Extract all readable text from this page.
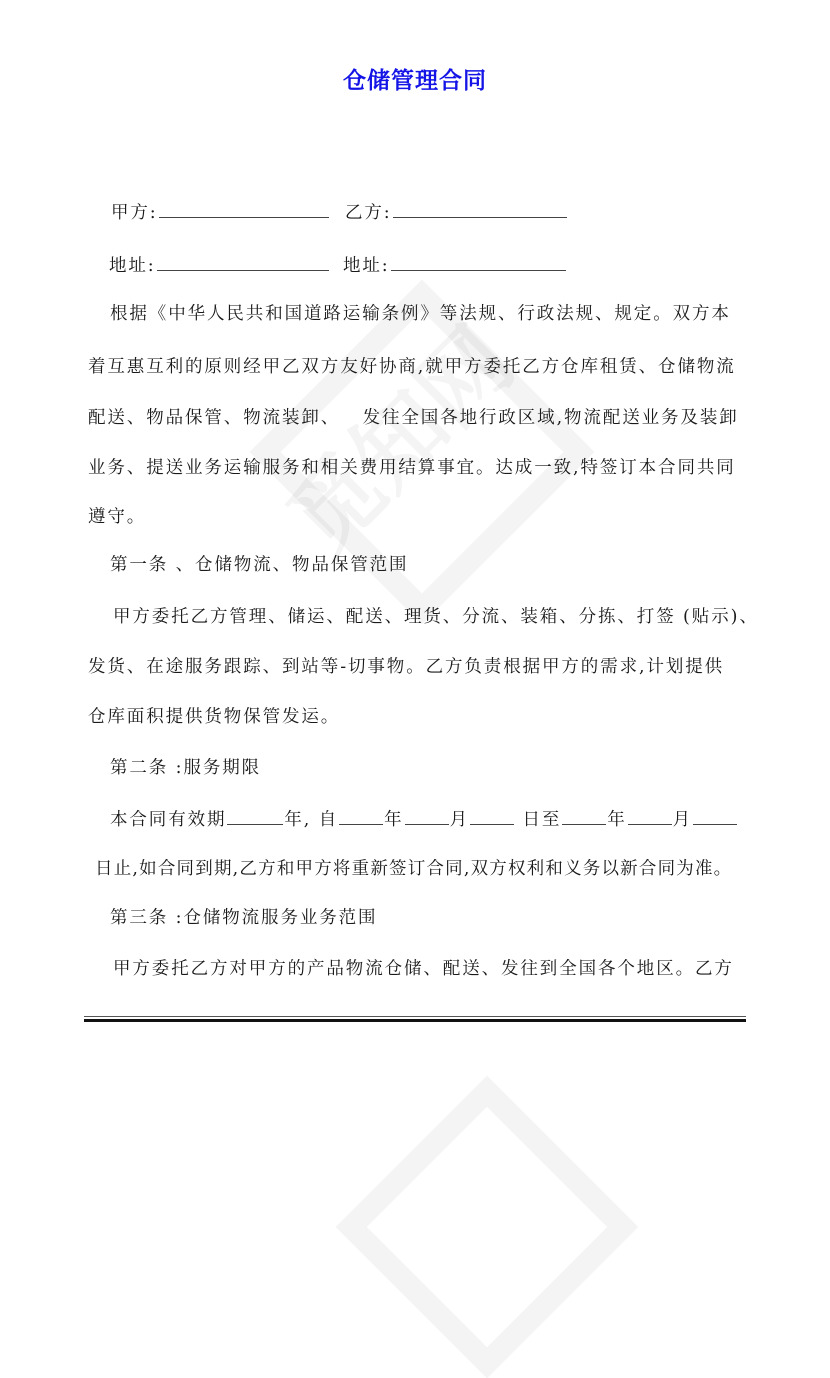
仓储管理合同
甲方:	乙方:
地址:	地址:
根据《中华人民共和国道路运输条例》等法规、行政法规、规定。双方本
着互惠互利的原则经甲乙双方友好协商,就甲方委托乙方仓库租赁、仓储物流
配送、物品保管、物流装卸、   发往全国各地行政区域,物流配送业务及装卸
业务、提送业务运输服务和相关费用结算事宜。达成一致,特签订本合同共同
遵守。
第一条 、仓储物流、物品保管范围
甲方委托乙方管理、储运、配送、理货、分流、装箱、分拣、打签 (贴示)、
发货、在途服务跟踪、到站等-切事物。乙方负责根据甲方的需求,计划提供
仓库面积提供货物保管发运。
第二条 :服务期限
本合同有效期	年, 自	年	月	日至	年	月
日止,如合同到期,乙方和甲方将重新签订合同,双方权利和义务以新合同为准。
第三条 :仓储物流服务业务范围
甲方委托乙方对甲方的产品物流仓储、配送、发往到全国各个地区。乙方
